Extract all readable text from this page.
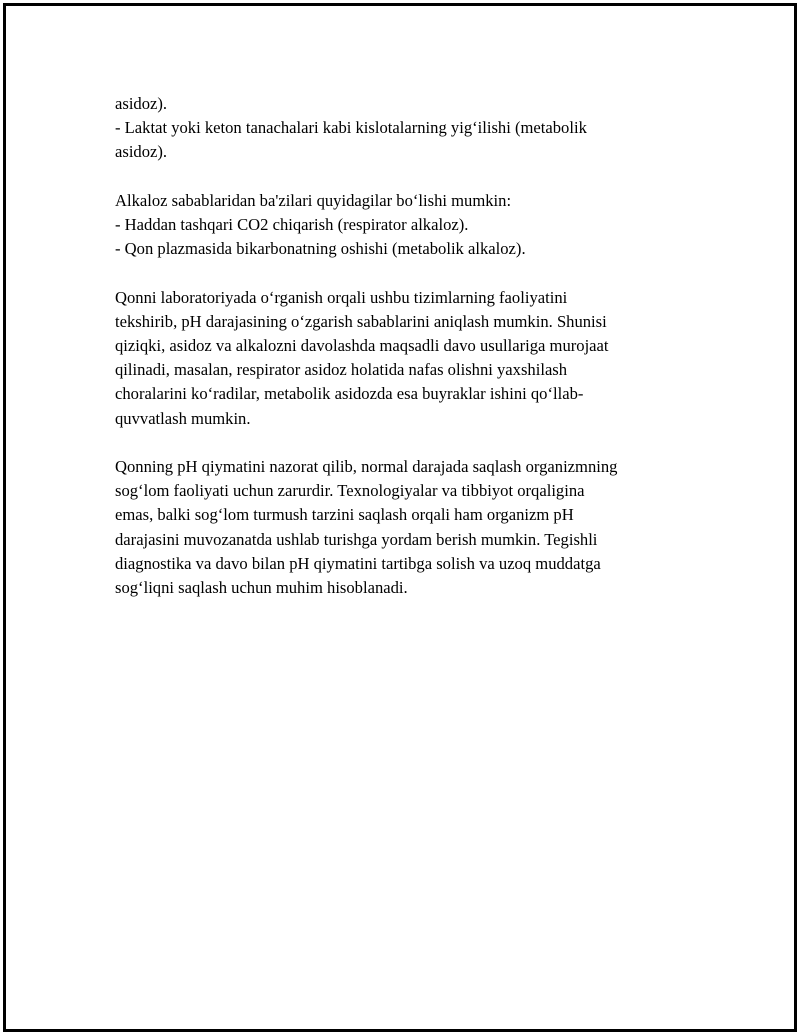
asidoz).
- Laktat yoki keton tanachalari kabi kislotalarning yig‘ilishi (metabolik
asidoz).
Alkaloz sabablaridan ba'zilari quyidagilar bo‘lishi mumkin:
- Haddan tashqari CO2 chiqarish (respirator alkaloz).
- Qon plazmasida bikarbonatning oshishi (metabolik alkaloz).
Qonni laboratoriyada o‘rganish orqali ushbu tizimlarning faoliyatini
tekshirib, pH darajasining o‘zgarish sabablarini aniqlash mumkin. Shunisi
qiziqki, asidoz va alkalozni davolashda maqsadli davo usullariga murojaat
qilinadi, masalan, respirator asidoz holatida nafas olishni yaxshilash
choralarini ko‘radilar, metabolik asidozda esa buyraklar ishini qo‘llab-
quvvatlash mumkin.
Qonning pH qiymatini nazorat qilib, normal darajada saqlash organizmning
sog‘lom faoliyati uchun zarurdir. Texnologiyalar va tibbiyot orqaligina
emas, balki sog‘lom turmush tarzini saqlash orqali ham organizm pH
darajasini muvozanatda ushlab turishga yordam berish mumkin. Tegishli
diagnostika va davo bilan pH qiymatini tartibga solish va uzoq muddatga
sog‘liqni saqlash uchun muhim hisoblanadi.
